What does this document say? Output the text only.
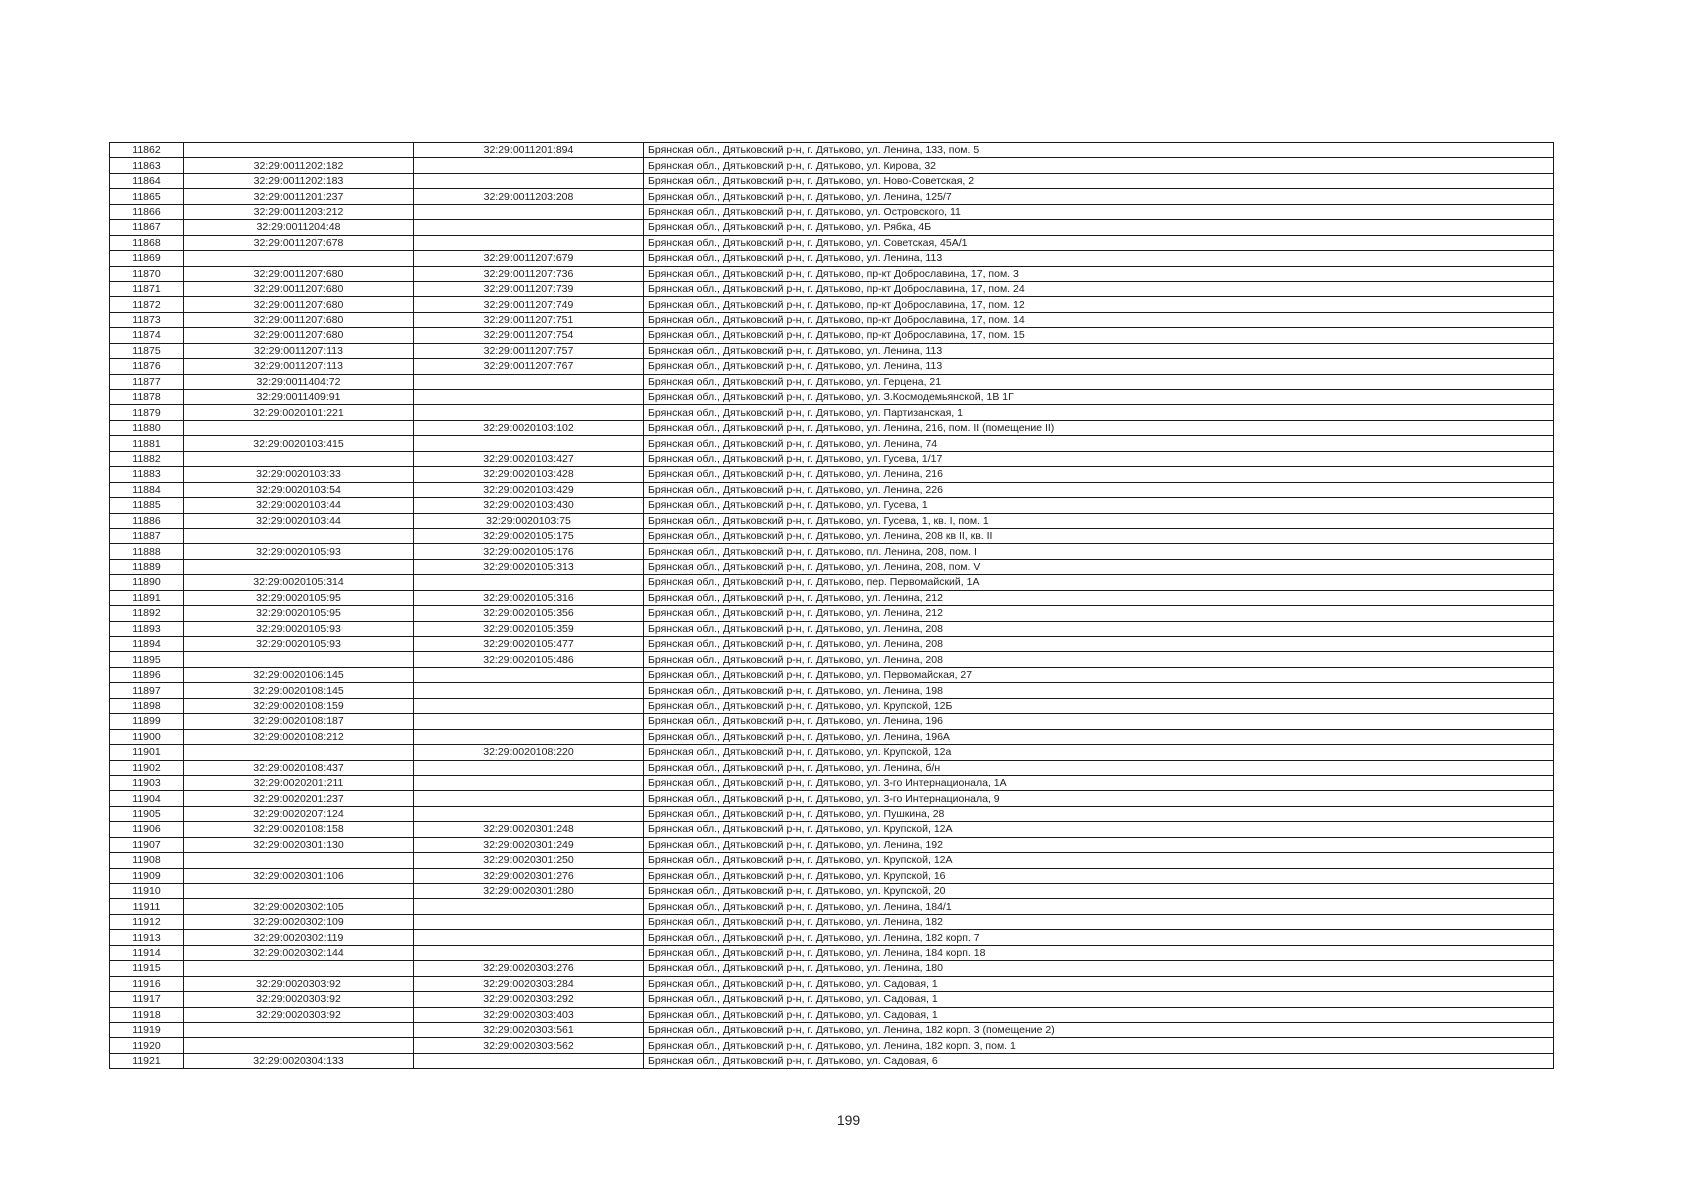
11862		32:29:0011201:894	Брянская обл., Дятьковский р-н, г. Дятьково, ул. Ленина, 133, пом. 5
11863	32:29:0011202:182		Брянская обл., Дятьковский р-н, г. Дятьково, ул. Кирова, 32
11864	32:29:0011202:183		Брянская обл., Дятьковский р-н, г. Дятьково, ул. Ново-Советская, 2
11865	32:29:0011201:237	32:29:0011203:208	Брянская обл., Дятьковский р-н, г. Дятьково, ул. Ленина, 125/7
11866	32:29:0011203:212		Брянская обл., Дятьковский р-н, г. Дятьково, ул. Островского, 11
11867	32:29:0011204:48		Брянская обл., Дятьковский р-н, г. Дятьково, ул. Рябка, 4Б
11868	32:29:0011207:678		Брянская обл., Дятьковский р-н, г. Дятьково, ул. Советская, 45А/1
11869		32:29:0011207:679	Брянская обл., Дятьковский р-н, г. Дятьково, ул. Ленина, 113
11870	32:29:0011207:680	32:29:0011207:736	Брянская обл., Дятьковский р-н, г. Дятьково, пр-кт Доброславина, 17, пом. 3
11871	32:29:0011207:680	32:29:0011207:739	Брянская обл., Дятьковский р-н, г. Дятьково, пр-кт Доброславина, 17, пом. 24
11872	32:29:0011207:680	32:29:0011207:749	Брянская обл., Дятьковский р-н, г. Дятьково, пр-кт Доброславина, 17, пом. 12
11873	32:29:0011207:680	32:29:0011207:751	Брянская обл., Дятьковский р-н, г. Дятьково, пр-кт Доброславина, 17, пом. 14
11874	32:29:0011207:680	32:29:0011207:754	Брянская обл., Дятьковский р-н, г. Дятьково, пр-кт Доброславина, 17, пом. 15
11875	32:29:0011207:113	32:29:0011207:757	Брянская обл., Дятьковский р-н, г. Дятьково, ул. Ленина, 113
11876	32:29:0011207:113	32:29:0011207:767	Брянская обл., Дятьковский р-н, г. Дятьково, ул. Ленина, 113
11877	32:29:0011404:72		Брянская обл., Дятьковский р-н, г. Дятьково, ул. Герцена, 21
11878	32:29:0011409:91		Брянская обл., Дятьковский р-н, г. Дятьково, ул. З.Космодемьянской, 1В 1Г
11879	32:29:0020101:221		Брянская обл., Дятьковский р-н, г. Дятьково, ул. Партизанская, 1
11880		32:29:0020103:102	Брянская обл., Дятьковский р-н, г. Дятьково, ул. Ленина, 216, пом. II (помещение II)
11881	32:29:0020103:415		Брянская обл., Дятьковский р-н, г. Дятьково, ул. Ленина, 74
11882		32:29:0020103:427	Брянская обл., Дятьковский р-н, г. Дятьково, ул. Гусева, 1/17
11883	32:29:0020103:33	32:29:0020103:428	Брянская обл., Дятьковский р-н, г. Дятьково, ул. Ленина, 216
11884	32:29:0020103:54	32:29:0020103:429	Брянская обл., Дятьковский р-н, г. Дятьково, ул. Ленина, 226
11885	32:29:0020103:44	32:29:0020103:430	Брянская обл., Дятьковский р-н, г. Дятьково, ул. Гусева, 1
11886	32:29:0020103:44	32:29:0020103:75	Брянская обл., Дятьковский р-н, г. Дятьково, ул. Гусева, 1, кв. I, пом. 1
11887		32:29:0020105:175	Брянская обл., Дятьковский р-н, г. Дятьково, ул. Ленина, 208 кв II, кв. II
11888	32:29:0020105:93	32:29:0020105:176	Брянская обл., Дятьковский р-н, г. Дятьково, пл. Ленина, 208, пом. I
11889		32:29:0020105:313	Брянская обл., Дятьковский р-н, г. Дятьково, ул. Ленина, 208, пом. V
11890	32:29:0020105:314		Брянская обл., Дятьковский р-н, г. Дятьково, пер. Первомайский, 1А
11891	32:29:0020105:95	32:29:0020105:316	Брянская обл., Дятьковский р-н, г. Дятьково, ул. Ленина, 212
11892	32:29:0020105:95	32:29:0020105:356	Брянская обл., Дятьковский р-н, г. Дятьково, ул. Ленина, 212
11893	32:29:0020105:93	32:29:0020105:359	Брянская обл., Дятьковский р-н, г. Дятьково, ул. Ленина, 208
11894	32:29:0020105:93	32:29:0020105:477	Брянская обл., Дятьковский р-н, г. Дятьково, ул. Ленина, 208
11895		32:29:0020105:486	Брянская обл., Дятьковский р-н, г. Дятьково, ул. Ленина, 208
11896	32:29:0020106:145		Брянская обл., Дятьковский р-н, г. Дятьково, ул. Первомайская, 27
11897	32:29:0020108:145		Брянская обл., Дятьковский р-н, г. Дятьково, ул. Ленина, 198
11898	32:29:0020108:159		Брянская обл., Дятьковский р-н, г. Дятьково, ул. Крупской, 12Б
11899	32:29:0020108:187		Брянская обл., Дятьковский р-н, г. Дятьково, ул. Ленина, 196
11900	32:29:0020108:212		Брянская обл., Дятьковский р-н, г. Дятьково, ул. Ленина, 196А
11901		32:29:0020108:220	Брянская обл., Дятьковский р-н, г. Дятьково, ул. Крупской, 12а
11902	32:29:0020108:437		Брянская обл., Дятьковский р-н, г. Дятьково, ул. Ленина, б/н
11903	32:29:0020201:211		Брянская обл., Дятьковский р-н, г. Дятьково, ул. 3-го Интернационала, 1А
11904	32:29:0020201:237		Брянская обл., Дятьковский р-н, г. Дятьково, ул. 3-го Интернационала, 9
11905	32:29:0020207:124		Брянская обл., Дятьковский р-н, г. Дятьково, ул. Пушкина, 28
11906	32:29:0020108:158	32:29:0020301:248	Брянская обл., Дятьковский р-н, г. Дятьково, ул. Крупской, 12А
11907	32:29:0020301:130	32:29:0020301:249	Брянская обл., Дятьковский р-н, г. Дятьково, ул. Ленина, 192
11908		32:29:0020301:250	Брянская обл., Дятьковский р-н, г. Дятьково, ул. Крупской, 12А
11909	32:29:0020301:106	32:29:0020301:276	Брянская обл., Дятьковский р-н, г. Дятьково, ул. Крупской, 16
11910		32:29:0020301:280	Брянская обл., Дятьковский р-н, г. Дятьково, ул. Крупской, 20
11911	32:29:0020302:105		Брянская обл., Дятьковский р-н, г. Дятьково, ул. Ленина, 184/1
11912	32:29:0020302:109		Брянская обл., Дятьковский р-н, г. Дятьково, ул. Ленина, 182
11913	32:29:0020302:119		Брянская обл., Дятьковский р-н, г. Дятьково, ул. Ленина, 182 корп. 7
11914	32:29:0020302:144		Брянская обл., Дятьковский р-н, г. Дятьково, ул. Ленина, 184 корп. 18
11915		32:29:0020303:276	Брянская обл., Дятьковский р-н, г. Дятьково, ул. Ленина, 180
11916	32:29:0020303:92	32:29:0020303:284	Брянская обл., Дятьковский р-н, г. Дятьково, ул. Садовая, 1
11917	32:29:0020303:92	32:29:0020303:292	Брянская обл., Дятьковский р-н, г. Дятьково, ул. Садовая, 1
11918	32:29:0020303:92	32:29:0020303:403	Брянская обл., Дятьковский р-н, г. Дятьково, ул. Садовая, 1
11919		32:29:0020303:561	Брянская обл., Дятьковский р-н, г. Дятьково, ул. Ленина, 182 корп. 3 (помещение 2)
11920		32:29:0020303:562	Брянская обл., Дятьковский р-н, г. Дятьково, ул. Ленина, 182 корп. 3, пом. 1
11921	32:29:0020304:133		Брянская обл., Дятьковский р-н, г. Дятьково, ул. Садовая, 6
199
